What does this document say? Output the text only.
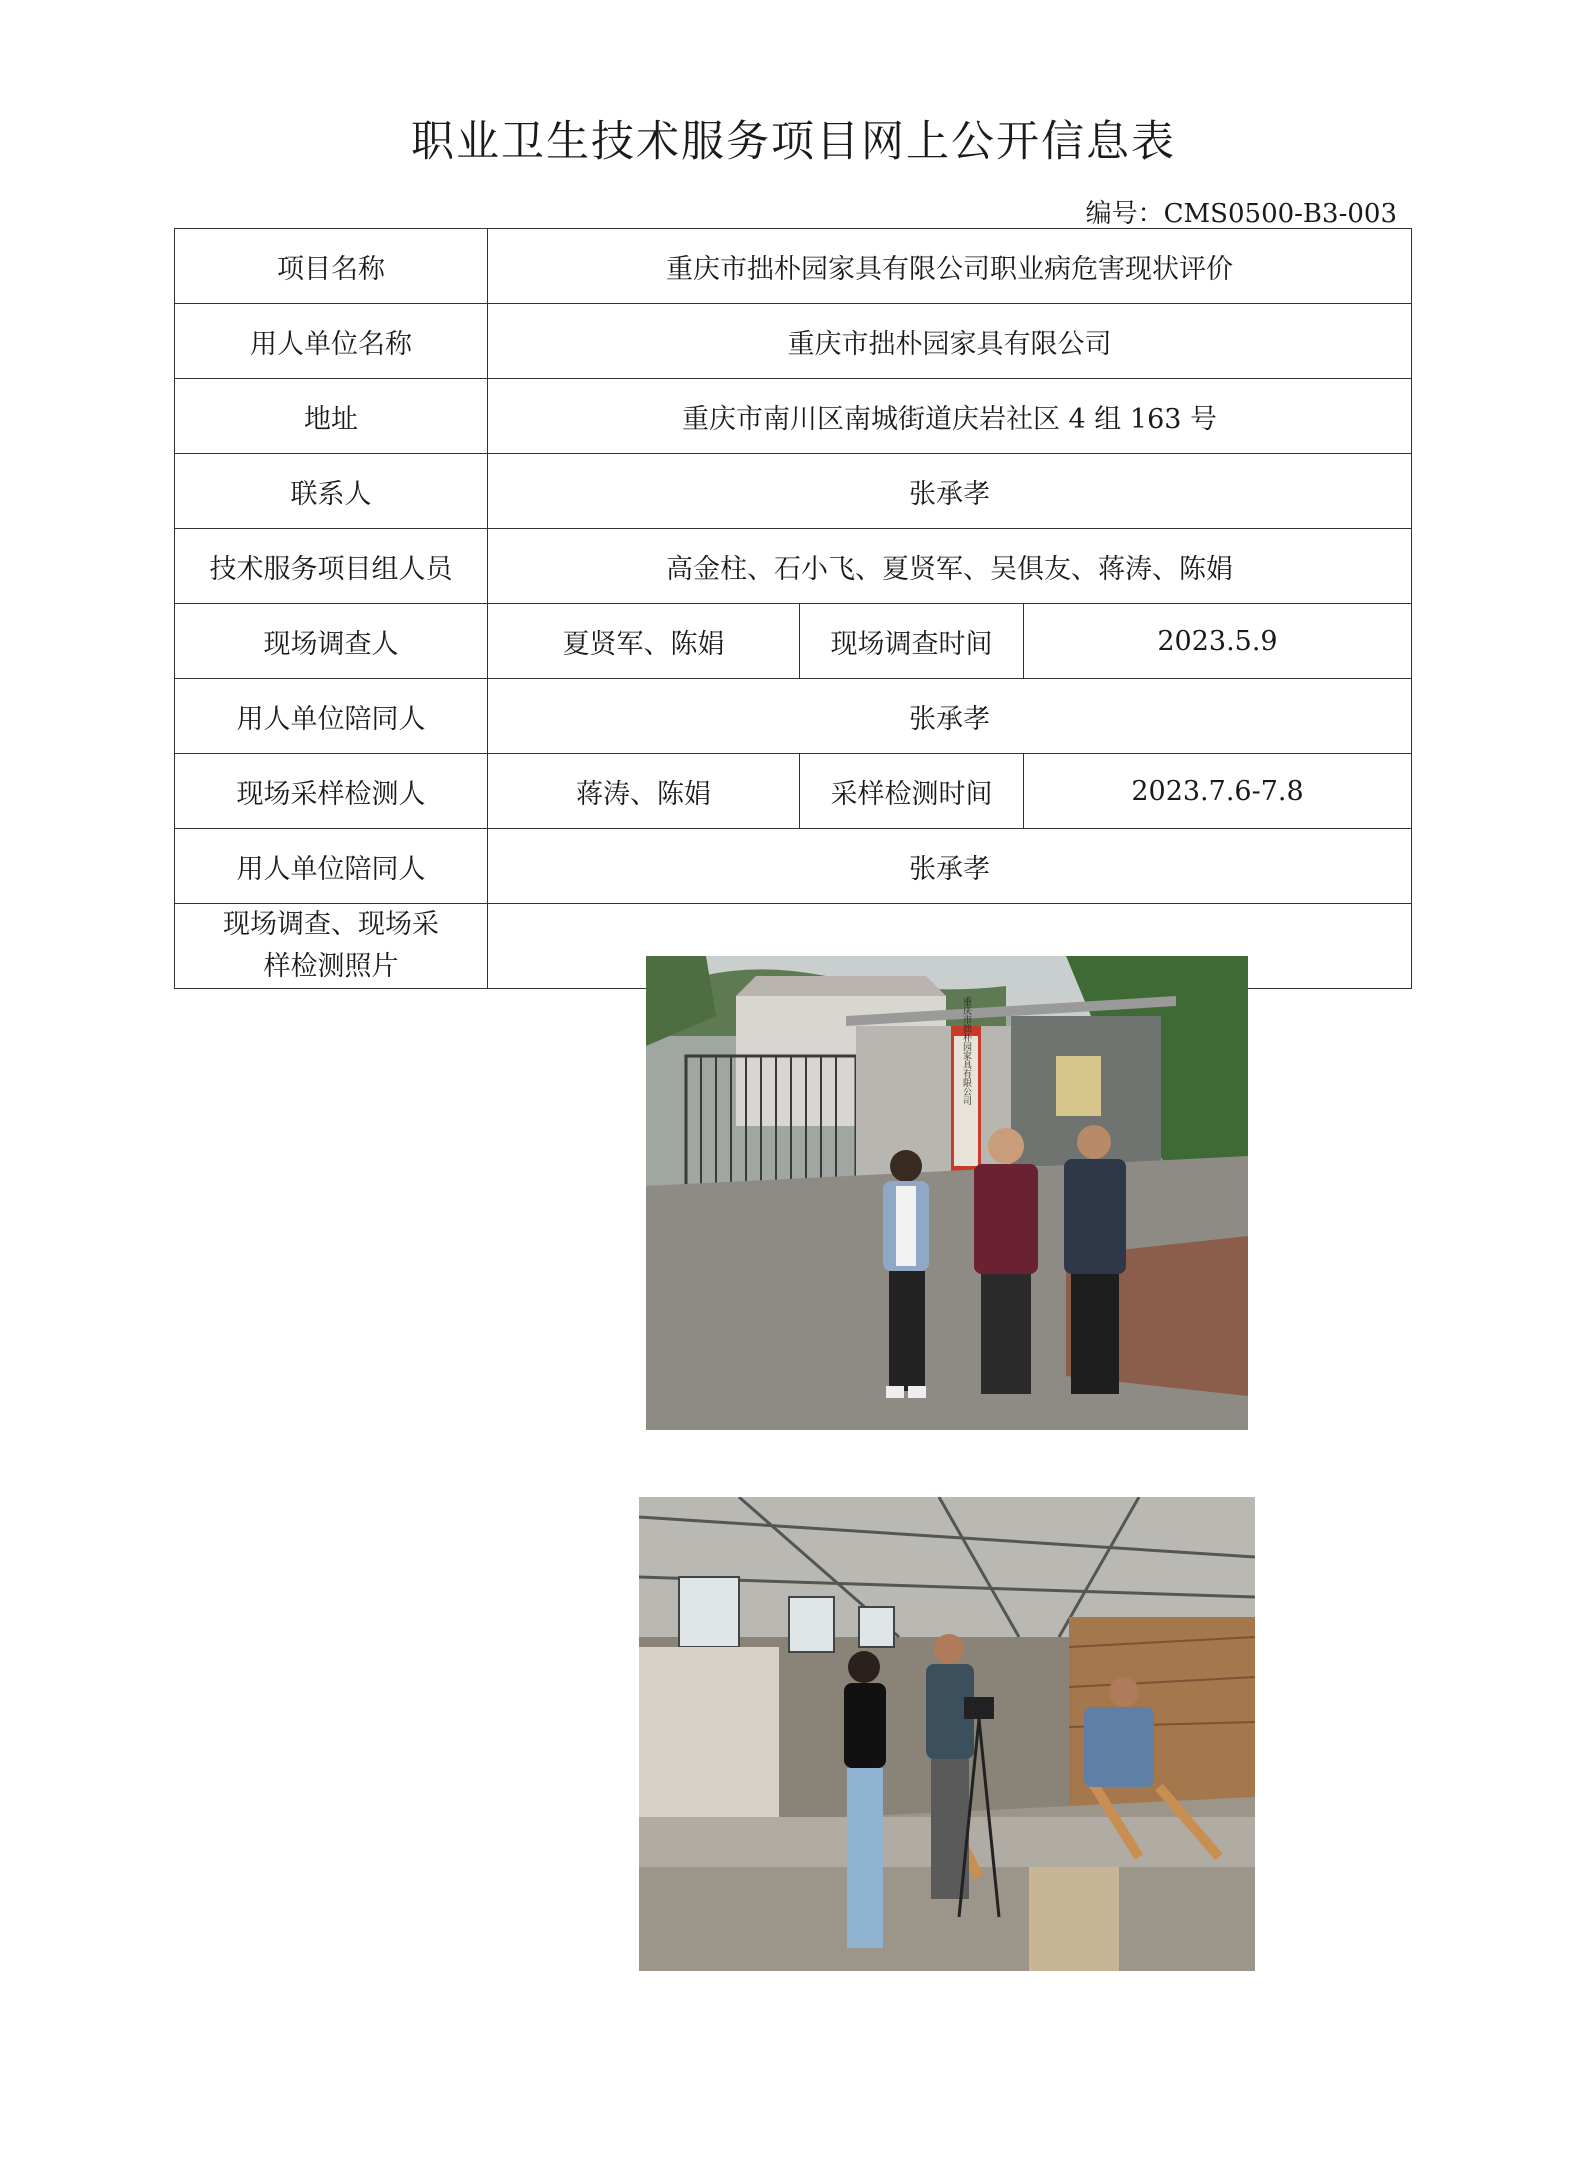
职业卫生技术服务项目网上公开信息表
编号：CMS0500-B3-003
项目名称	重庆市拙朴园家具有限公司职业病危害现状评价		
用人单位名称	重庆市拙朴园家具有限公司		
地址	重庆市南川区南城街道庆岩社区 4 组 163 号		
联系人	张承孝		
技术服务项目组人员	高金柱、石小飞、夏贤军、吴俱友、蒋涛、陈娟		
现场调查人	夏贤军、陈娟	现场调查时间	2023.5.9
用人单位陪同人	张承孝		
现场采样检测人	蒋涛、陈娟	采样检测时间	2023.7.6-7.8
用人单位陪同人	张承孝		
现场调查、现场采样检测照片	重庆市拙朴园家具有限公司		
